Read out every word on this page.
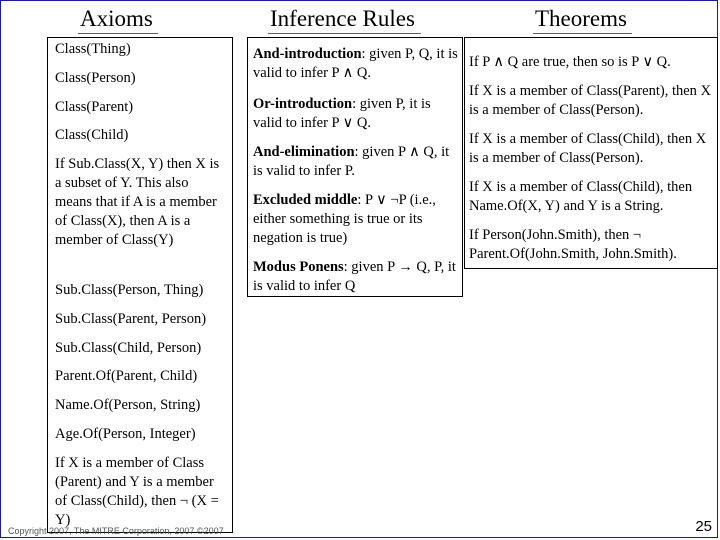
Axioms	Inference Rules	Theorems
Class(Thing)
Class(Person)
Class(Parent)
Class(Child)
If Sub.Class(X, Y) then X is a subset of Y. This also means that if A is a member of Class(X), then A is a member of Class(Y)
Sub.Class(Person, Thing)
Sub.Class(Parent, Person)
Sub.Class(Child, Person)
Parent.Of(Parent, Child)
Name.Of(Person, String)
Age.Of(Person, Integer)
If X is a member of Class (Parent) and Y is a member of Class(Child), then ¬ (X = Y)
And-introduction: given P, Q, it is valid to infer P ∧ Q.
Or-introduction: given P, it is valid to infer P ∨ Q.
And-elimination: given P ∧ Q, it is valid to infer P.
Excluded middle: P ∨ ¬P (i.e., either something is true or its negation is true)
Modus Ponens: given P → Q, P, it is valid to infer Q
If P ∧ Q are true, then so is P ∨ Q.
If X is a member of Class(Parent), then X is a member of Class(Person).
If X is a member of Class(Child), then X is a member of Class(Person).
If X is a member of Class(Child), then Name.Of(X, Y) and Y is a String.
If Person(John.Smith), then ¬ Parent.Of(John.Smith, John.Smith).
Copyright 2007, The MITRE Corporation, 2007 ©2007	25
